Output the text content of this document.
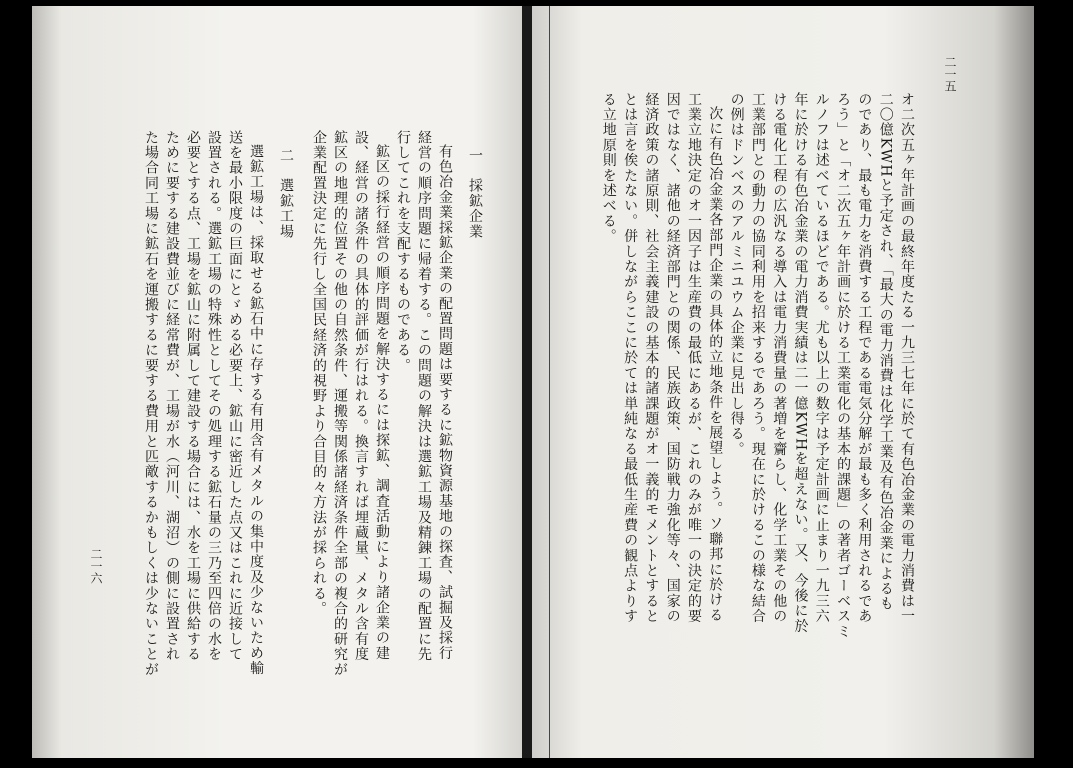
二一五
オ二次五ヶ年計画の最終年度たる一九三七年に於て有色冶金業の電力消費は一
二〇億KWHと予定され、「最大の電力消費は化学工業及有色冶金業によるも
のであり、最も電力を消費する工程である電気分解が最も多く利用されるであ
ろう」と「オ二次五ヶ年計画に於ける工業電化の基本的課題」の著者ゴーベスミ
ルノフは述べているほどである。尤も以上の数字は予定計画に止まり一九三六
年に於ける有色冶金業の電力消費実績は二一億KWHを超えない。又、今後に於
ける電化工程の広汎なる導入は電力消費量の著増を齎らし、化学工業その他の
工業部門との動力の協同利用を招来するであろう。現在に於けるこの様な結合
の例はドンベスのアルミニユウム企業に見出し得る。
次に有色冶金業各部門企業の具体的立地条件を展望しよう。ソ聯邦に於ける
工業立地決定のオ一因子は生産費の最低にあるが、これのみが唯一の決定的要
因ではなく、諸他の経済部門との関係、民族政策、国防戦力強化等々、国家の
経済政策の諸原則、社会主義建設の基本的諸課題がオ一義的モメントとすると
とは言を俟たない。併しながらここに於ては単純なる最低生産費の観点よりす
る立地原則を述べる。
二一六
一　採鉱企業
有色冶金業採鉱企業の配置問題は要するに鉱物資源基地の探査、試掘及採行
経営の順序問題に帰着する。この問題の解決は選鉱工場及精錬工場の配置に先
行してこれを支配するものである。
鉱区の採行経営の順序問題を解決するには探鉱、調査活動により諸企業の建
設、経営の諸条件の具体的評価が行はれる。換言すれば埋蔵量、メタル含有度
鉱区の地理的位置その他の自然条件、運搬等関係諸経済条件全部の複合的研究が
企業配置決定に先行し全国民経済的視野より合目的々方法が採られる。
二　選鉱工場
選鉱工場は、採取せる鉱石中に存する有用含有メタルの集中度及少ないため輸
送を最小限度の巨面にとゞめる必要上、鉱山に密近した点又はこれに近接して
設置される。選鉱工場の特殊性としてその処理する鉱石量の三乃至四倍の水を
必要とする点、工場を鉱山に附属して建設する場合には、水を工場に供給する
ために要する建設費並びに経常費が、工場が水（河川、湖沼）の側に設置され
た場合同工場に鉱石を運搬するに要する費用と匹敵するかもしくは少ないことが
